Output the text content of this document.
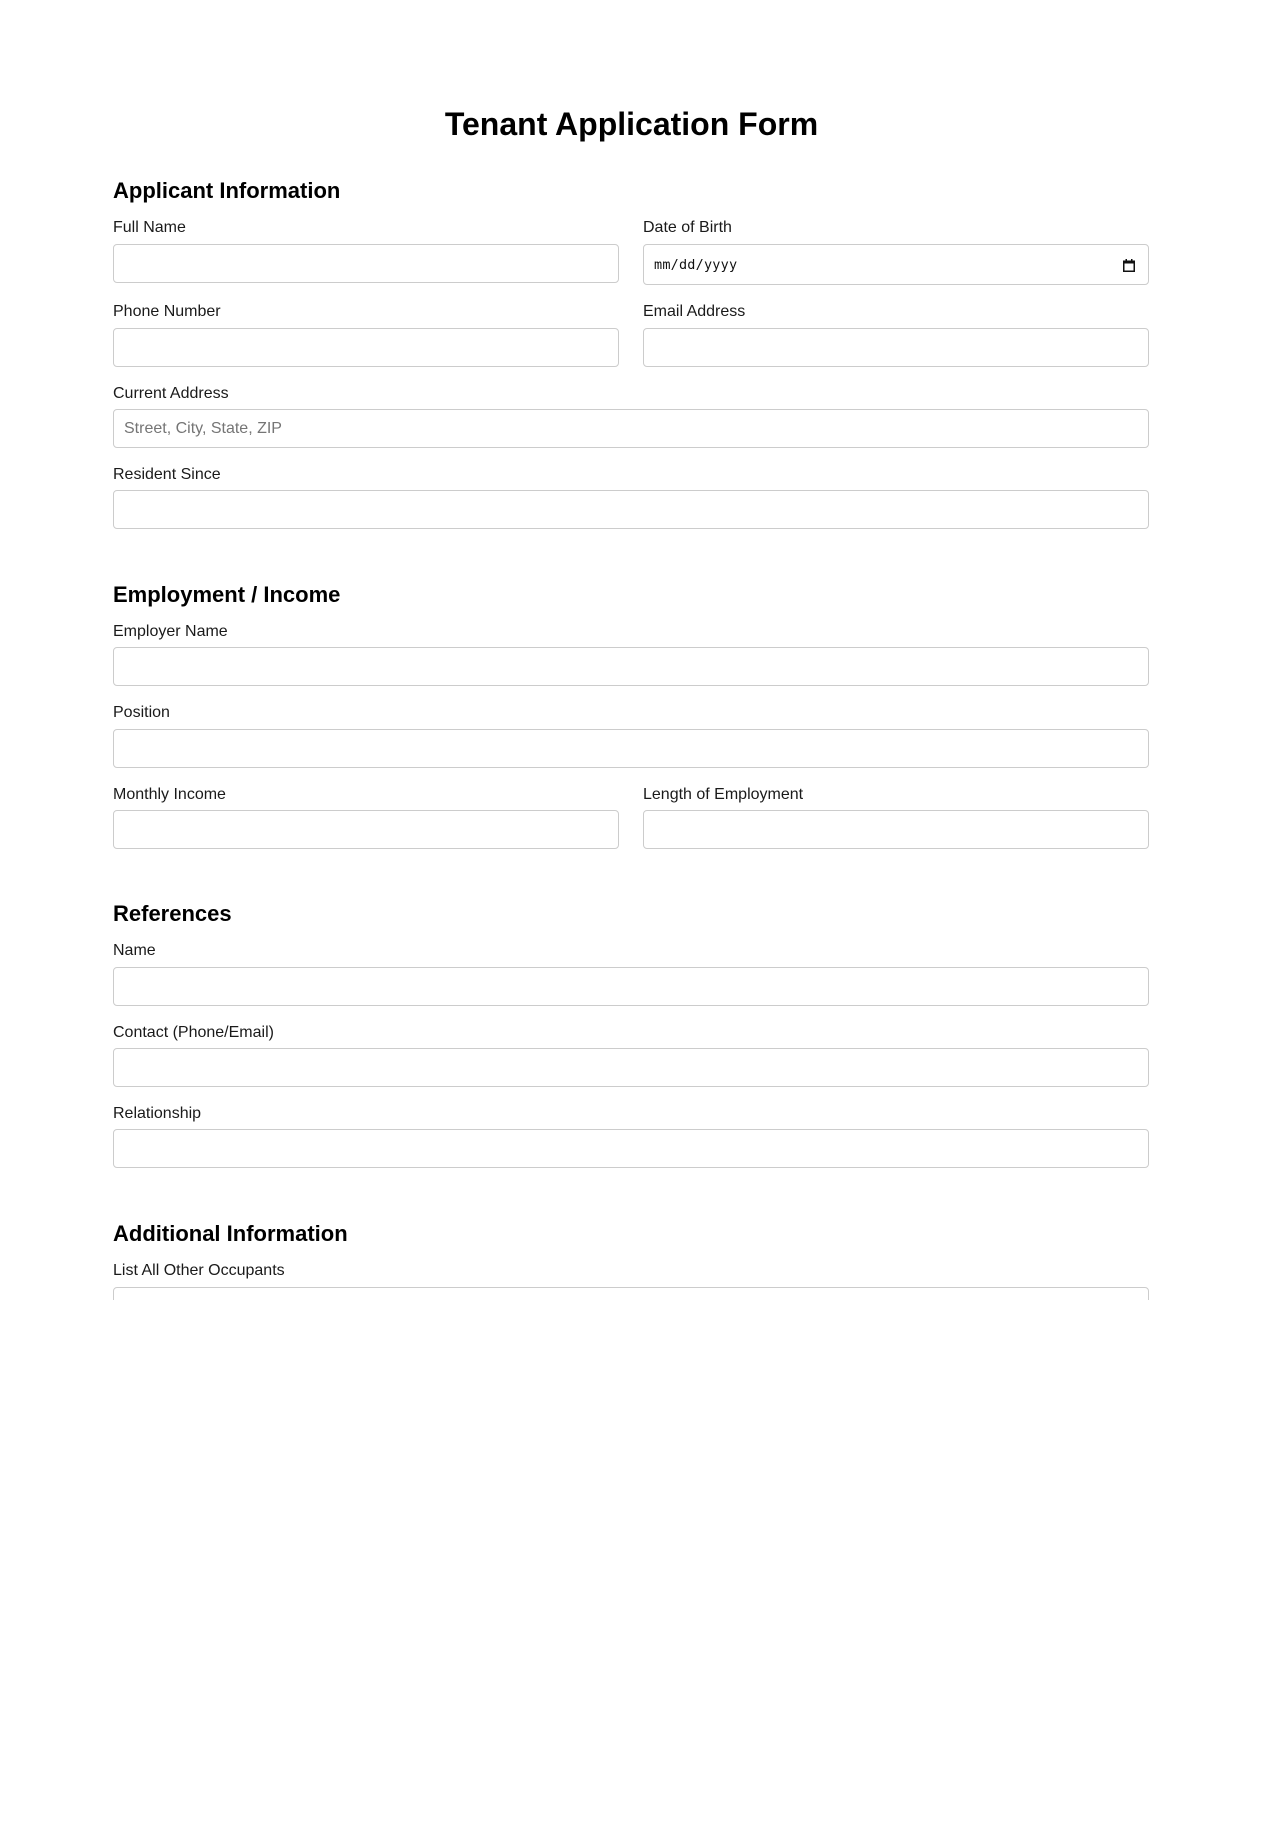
Tenant Application Form
Applicant Information
Full Name	Date of Birth
mm/dd/yyyy
Phone Number	Email Address
Current Address
Street, City, State, ZIP
Resident Since
Employment / Income
Employer Name
Position
Monthly Income	Length of Employment
References
Name
Contact (Phone/Email)
Relationship
Additional Information
List All Other Occupants
